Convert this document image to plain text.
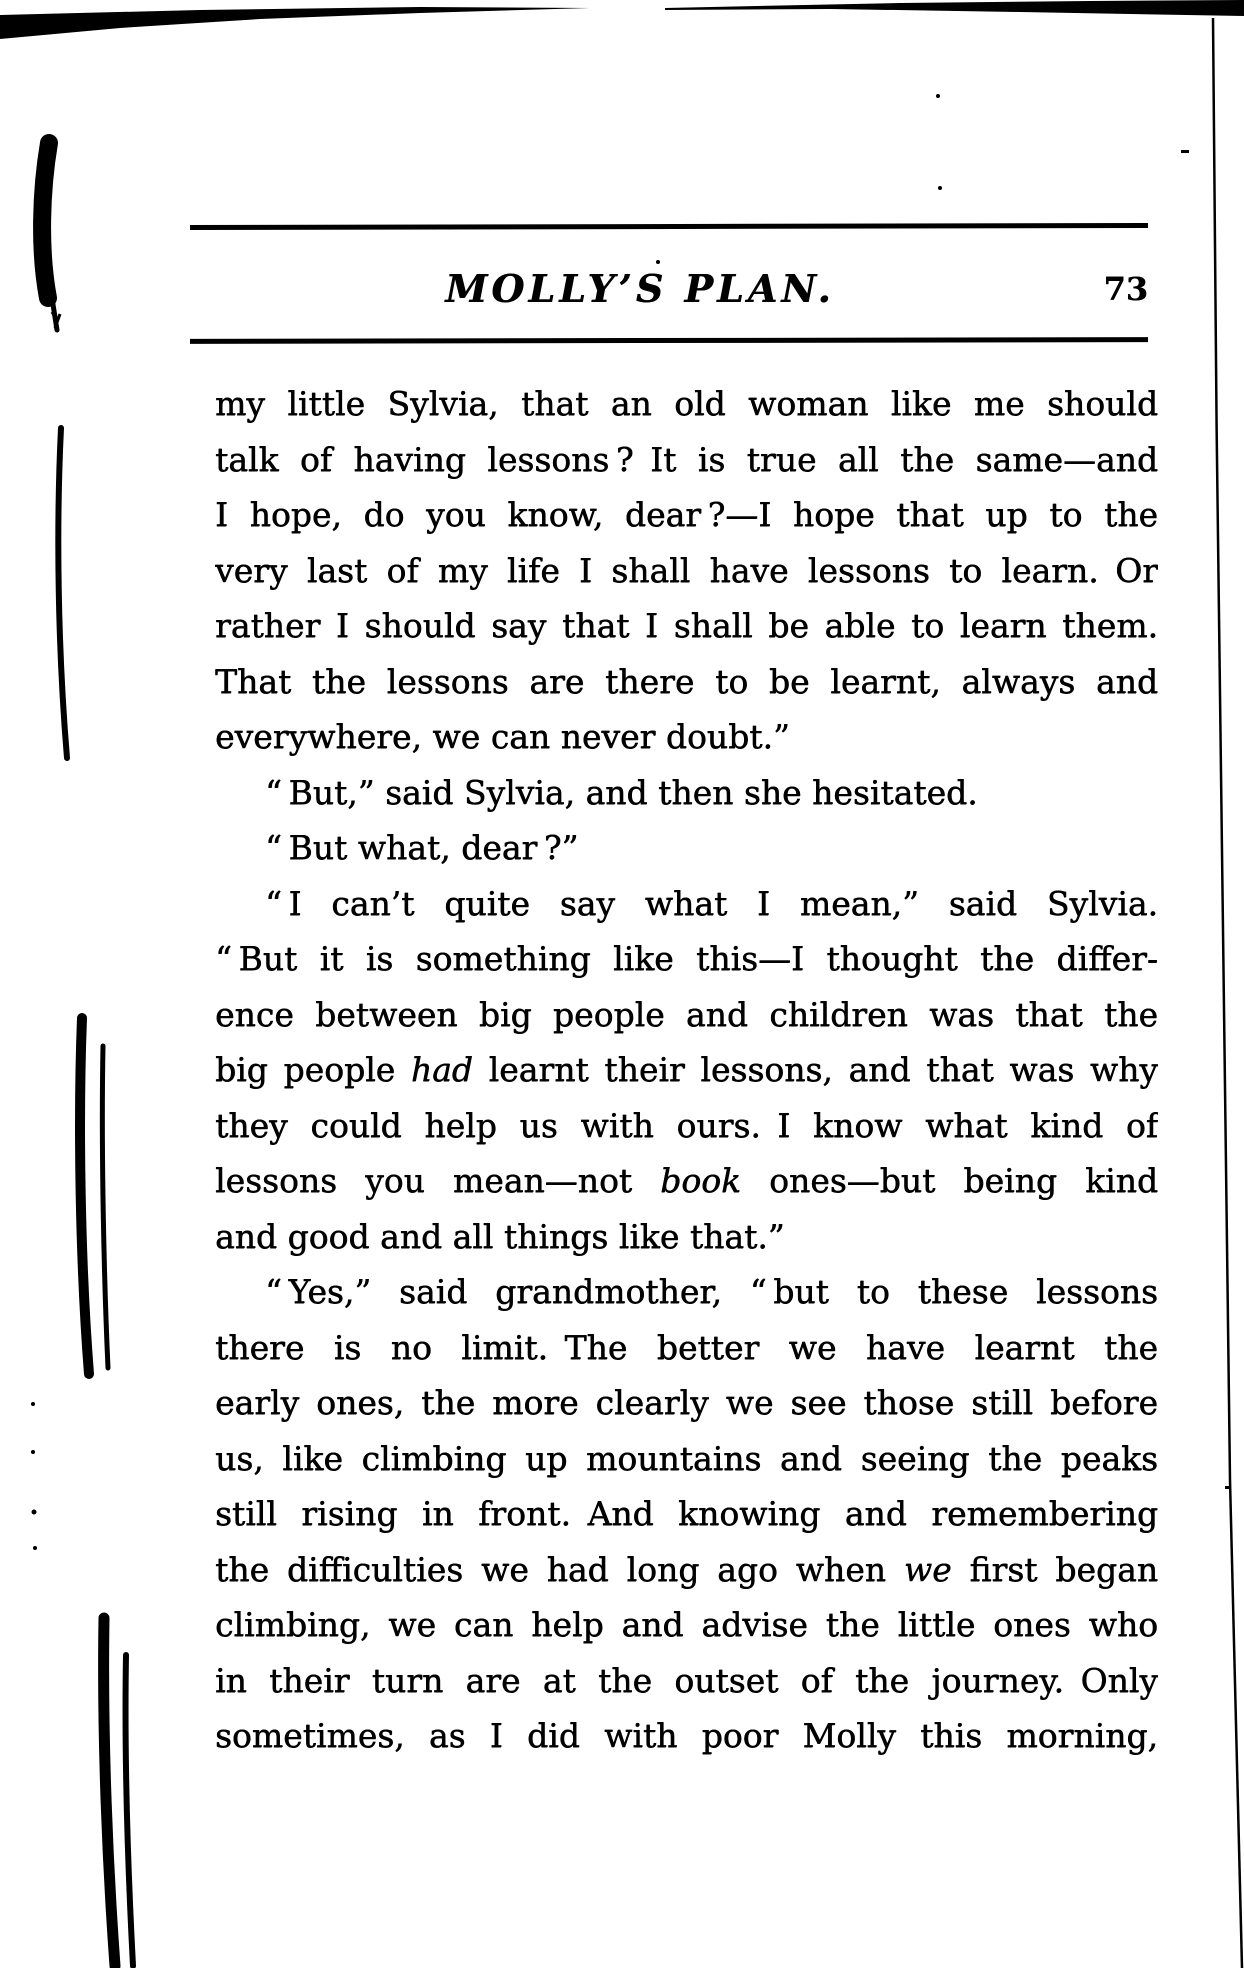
MOLLY’S PLAN.	73
my little Sylvia, that an old woman like me should
talk of having lessons ? It is true all the same—and
I hope, do you know, dear ?—I hope that up to the
very last of my life I shall have lessons to learn. Or
rather I should say that I shall be able to learn them.
That the lessons are there to be learnt, always and
everywhere, we can never doubt.”
“ But,” said Sylvia, and then she hesitated.
“ But what, dear ?”
“ I can’t quite say what I mean,” said Sylvia.
“ But it is something like this—I thought the differ-
ence between big people and children was that the
big people had learnt their lessons, and that was why
they could help us with ours. I know what kind of
lessons you mean—not book ones—but being kind
and good and all things like that.”
“ Yes,” said grandmother, “ but to these lessons
there is no limit. The better we have learnt the
early ones, the more clearly we see those still before
us, like climbing up mountains and seeing the peaks
still rising in front. And knowing and remembering
the difficulties we had long ago when we first began
climbing, we can help and advise the little ones who
in their turn are at the outset of the journey. Only
sometimes, as I did with poor Molly this morning,
